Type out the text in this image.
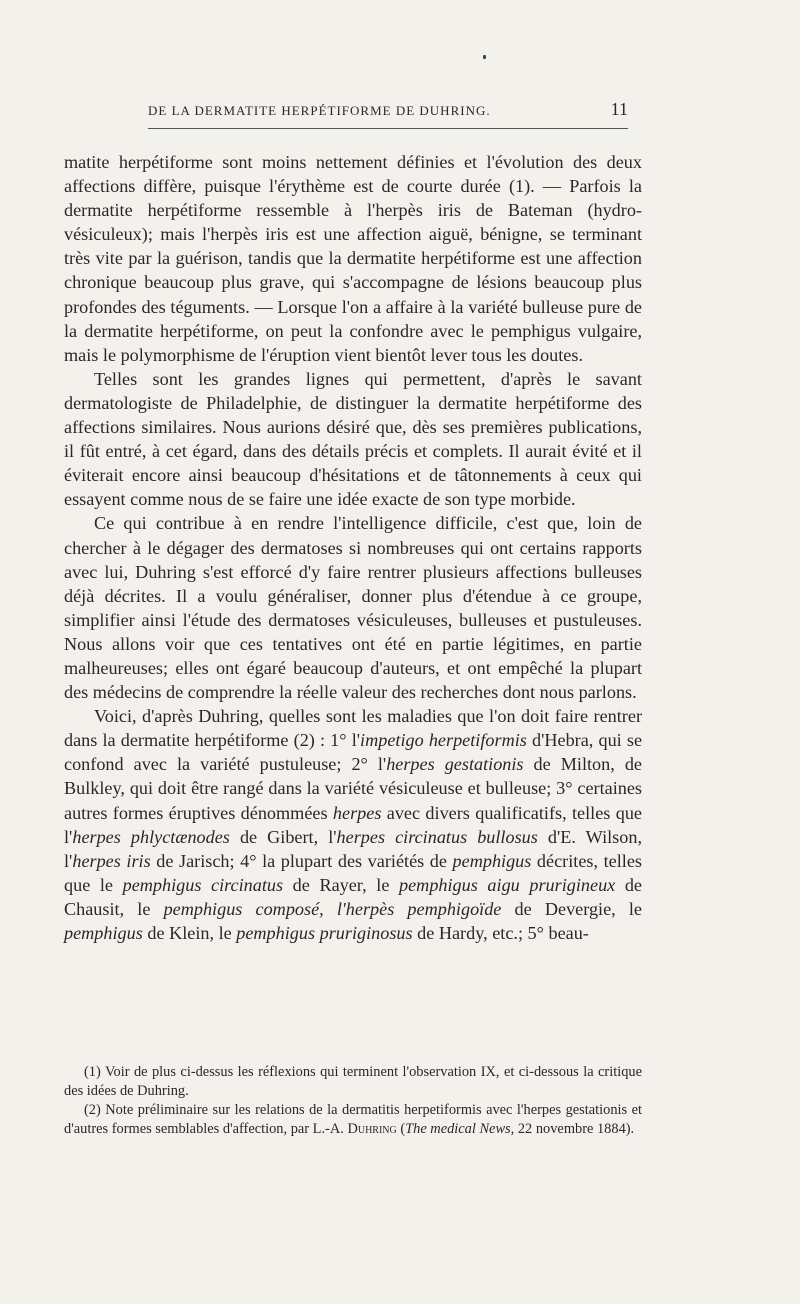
DE LA DERMATITE HERPÉTIFORME DE DUHRING.	11

matite herpétiforme sont moins nettement définies et l'évolution des deux affections diffère, puisque l'érythème est de courte durée (1). — Parfois la dermatite herpétiforme ressemble à l'herpès iris de Bateman (hydro-vésiculeux); mais l'herpès iris est une affection aiguë, bénigne, se terminant très vite par la guérison, tandis que la dermatite herpétiforme est une affection chronique beaucoup plus grave, qui s'accompagne de lésions beaucoup plus profondes des téguments. — Lorsque l'on a affaire à la variété bulleuse pure de la dermatite herpétiforme, on peut la confondre avec le pemphigus vulgaire, mais le polymorphisme de l'éruption vient bientôt lever tous les doutes.

Telles sont les grandes lignes qui permettent, d'après le savant dermatologiste de Philadelphie, de distinguer la dermatite herpétiforme des affections similaires. Nous aurions désiré que, dès ses premières publications, il fût entré, à cet égard, dans des détails précis et complets. Il aurait évité et il éviterait encore ainsi beaucoup d'hésitations et de tâtonnements à ceux qui essayent comme nous de se faire une idée exacte de son type morbide.

Ce qui contribue à en rendre l'intelligence difficile, c'est que, loin de chercher à le dégager des dermatoses si nombreuses qui ont certains rapports avec lui, Duhring s'est efforcé d'y faire rentrer plusieurs affections bulleuses déjà décrites. Il a voulu généraliser, donner plus d'étendue à ce groupe, simplifier ainsi l'étude des dermatoses vésiculeuses, bulleuses et pustuleuses. Nous allons voir que ces tentatives ont été en partie légitimes, en partie malheureuses; elles ont égaré beaucoup d'auteurs, et ont empêché la plupart des médecins de comprendre la réelle valeur des recherches dont nous parlons.

Voici, d'après Duhring, quelles sont les maladies que l'on doit faire rentrer dans la dermatite herpétiforme (2) : 1° l'impetigo herpetiformis d'Hebra, qui se confond avec la variété pustuleuse; 2° l'herpes gestationis de Milton, de Bulkley, qui doit être rangé dans la variété vésiculeuse et bulleuse; 3° certaines autres formes éruptives dénommées herpes avec divers qualificatifs, telles que l'herpes phlyctænodes de Gibert, l'herpes circinatus bullosus d'E. Wilson, l'herpes iris de Jarisch; 4° la plupart des variétés de pemphigus décrites, telles que le pemphigus circinatus de Rayer, le pemphigus aigu prurigineux de Chausit, le pemphigus composé, l'herpès pemphigoïde de Devergie, le pemphigus de Klein, le pemphigus pruriginosus de Hardy, etc.; 5° beau-

(1) Voir de plus ci-dessus les réflexions qui terminent l'observation IX, et ci-dessous la critique des idées de Duhring.

(2) Note préliminaire sur les relations de la dermatitis herpetiformis avec l'herpes gestationis et d'autres formes semblables d'affection, par L.-A. Duhring (The medical News, 22 novembre 1884).
